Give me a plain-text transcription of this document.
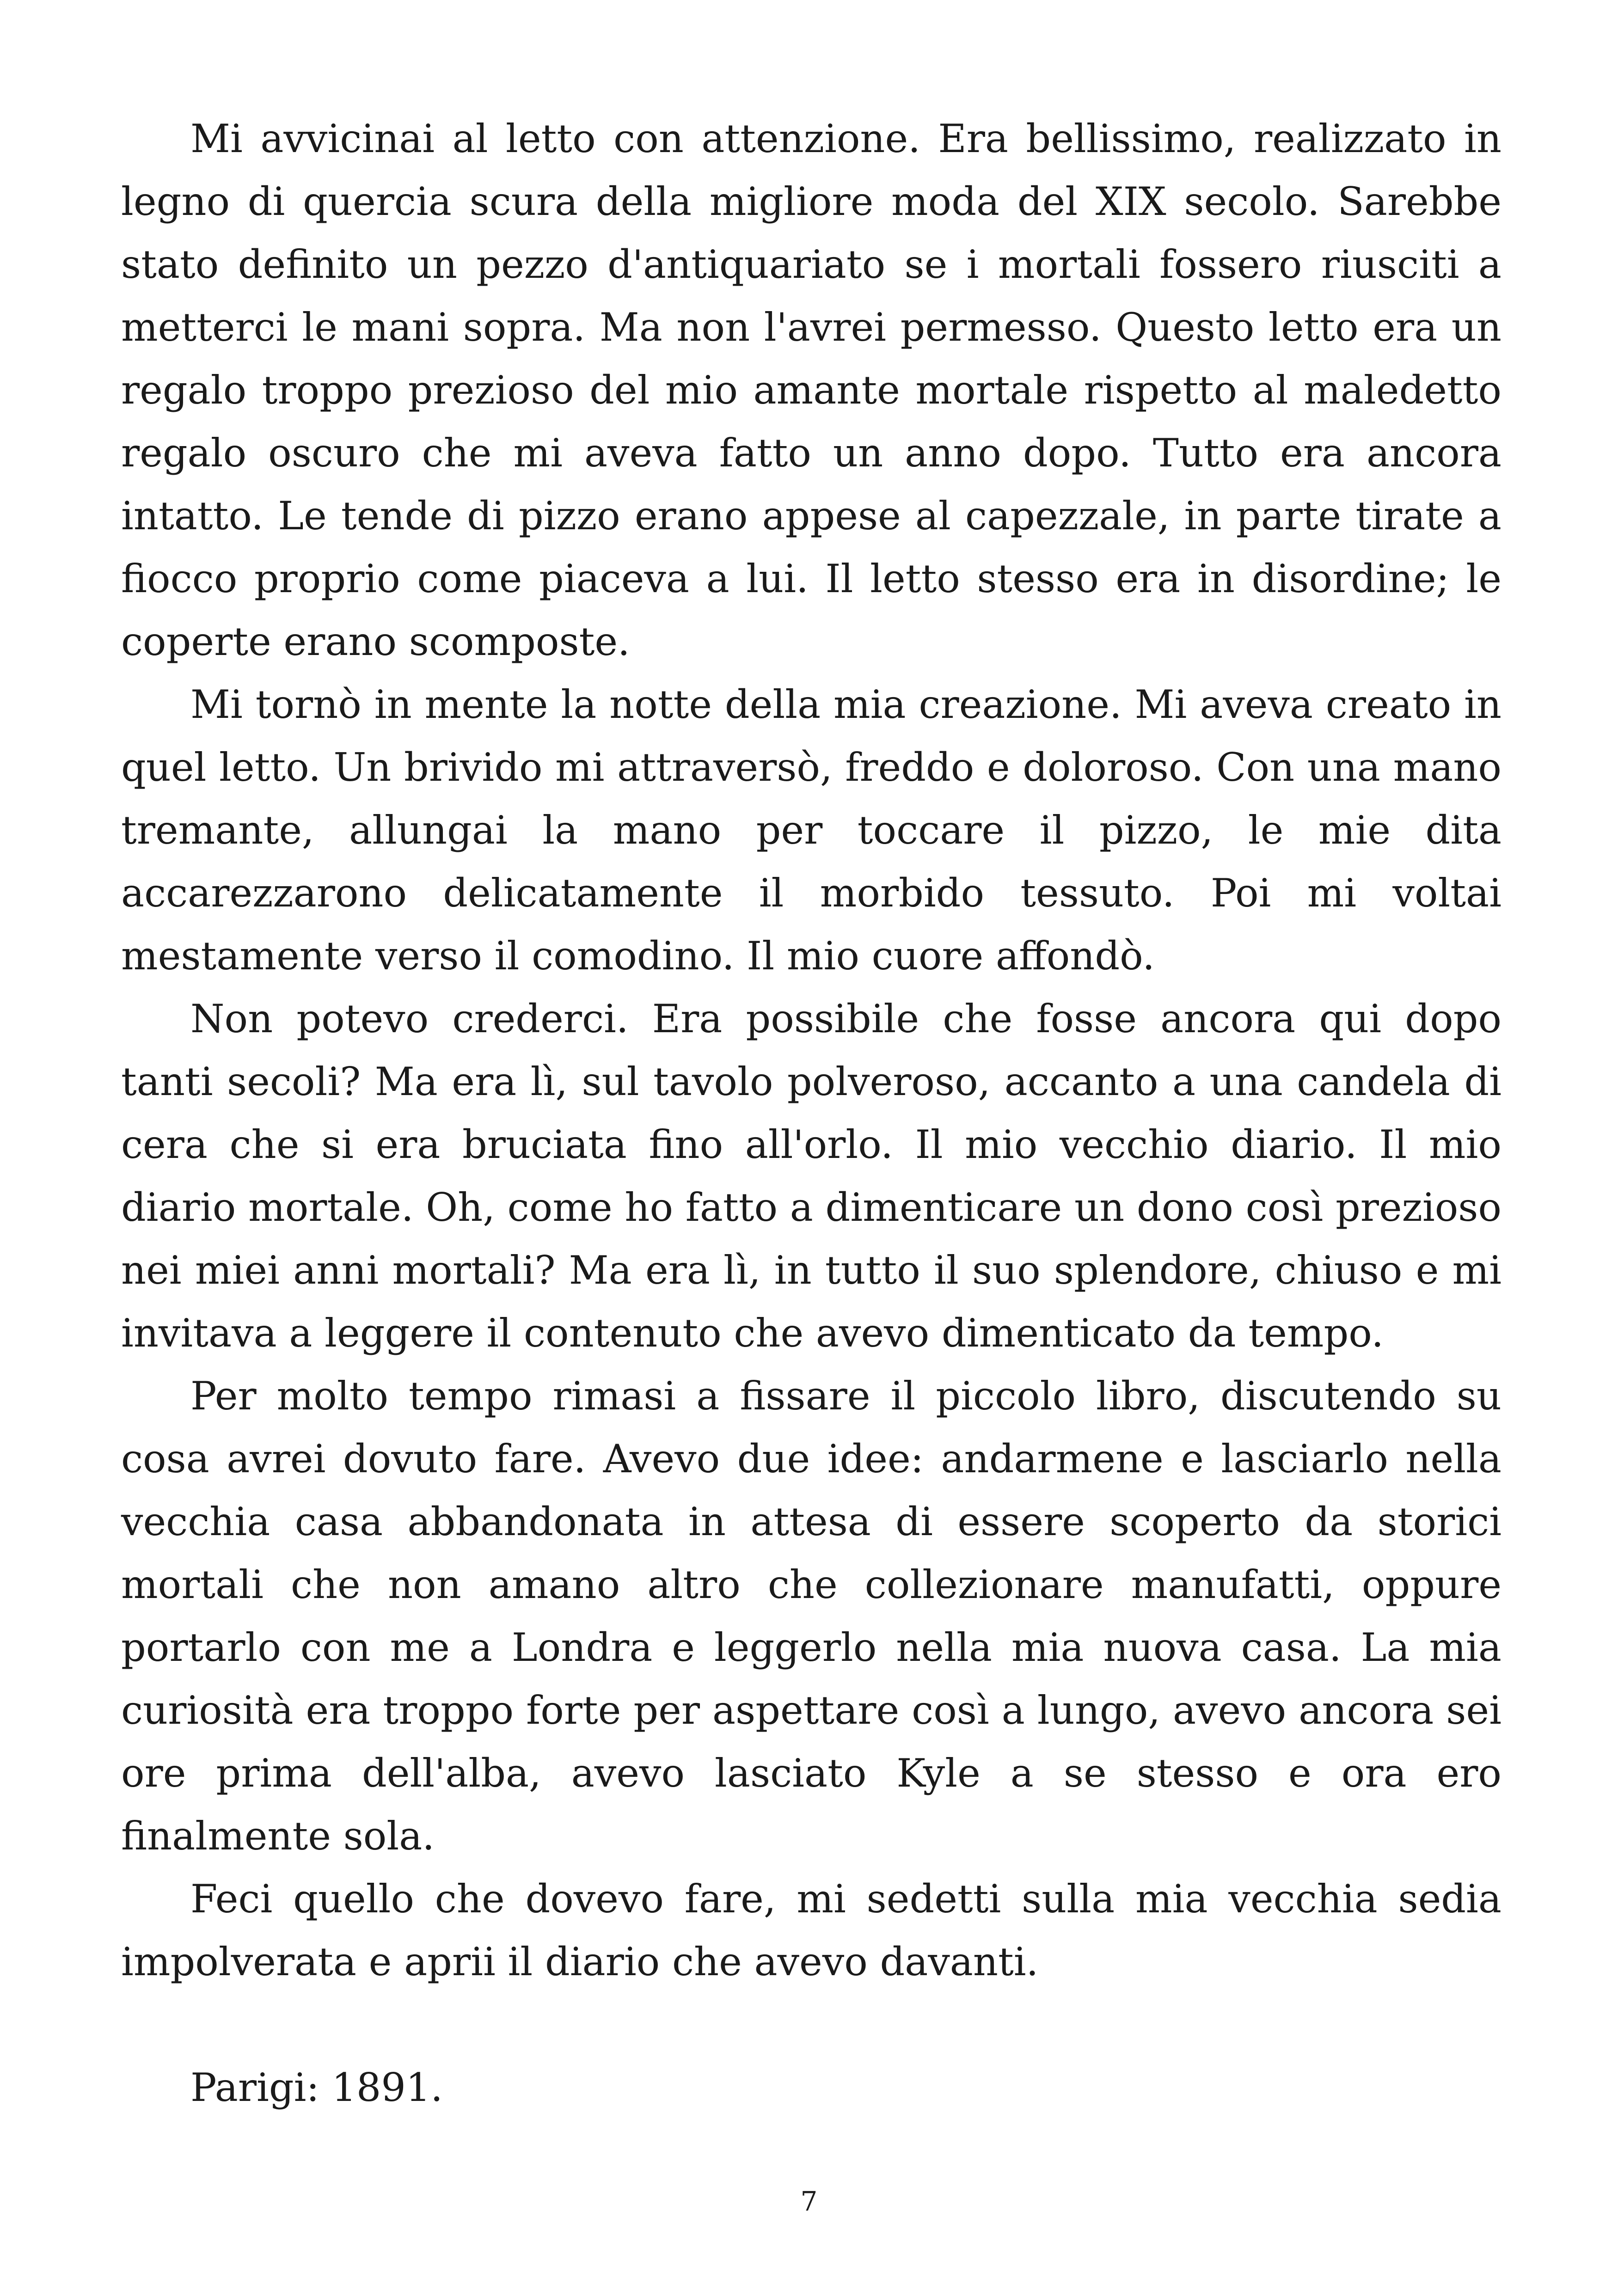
Mi avvicinai al letto con attenzione. Era bellissimo, realizzato in legno di quercia scura della migliore moda del XIX secolo. Sarebbe stato definito un pezzo d'antiquariato se i mortali fossero riusciti a metterci le mani sopra. Ma non l'avrei permesso. Questo letto era un regalo troppo prezioso del mio amante mortale rispetto al maledetto regalo oscuro che mi aveva fatto un anno dopo. Tutto era ancora intatto. Le tende di pizzo erano appese al capezzale, in parte tirate a fiocco proprio come piaceva a lui. Il letto stesso era in disordine; le coperte erano scomposte.

Mi tornò in mente la notte della mia creazione. Mi aveva creato in quel letto. Un brivido mi attraversò, freddo e doloroso. Con una mano tremante, allungai la mano per toccare il pizzo, le mie dita accarezzarono delicatamente il morbido tessuto. Poi mi voltai mestamente verso il comodino. Il mio cuore affondò.

Non potevo crederci. Era possibile che fosse ancora qui dopo tanti secoli? Ma era lì, sul tavolo polveroso, accanto a una candela di cera che si era bruciata fino all'orlo. Il mio vecchio diario. Il mio diario mortale. Oh, come ho fatto a dimenticare un dono così prezioso nei miei anni mortali? Ma era lì, in tutto il suo splendore, chiuso e mi invitava a leggere il contenuto che avevo dimenticato da tempo.

Per molto tempo rimasi a fissare il piccolo libro, discutendo su cosa avrei dovuto fare. Avevo due idee: andarmene e lasciarlo nella vecchia casa abbandonata in attesa di essere scoperto da storici mortali che non amano altro che collezionare manufatti, oppure portarlo con me a Londra e leggerlo nella mia nuova casa. La mia curiosità era troppo forte per aspettare così a lungo, avevo ancora sei ore prima dell'alba, avevo lasciato Kyle a se stesso e ora ero finalmente sola.

Feci quello che dovevo fare, mi sedetti sulla mia vecchia sedia impolverata e aprii il diario che avevo davanti.

Parigi: 1891.

7
